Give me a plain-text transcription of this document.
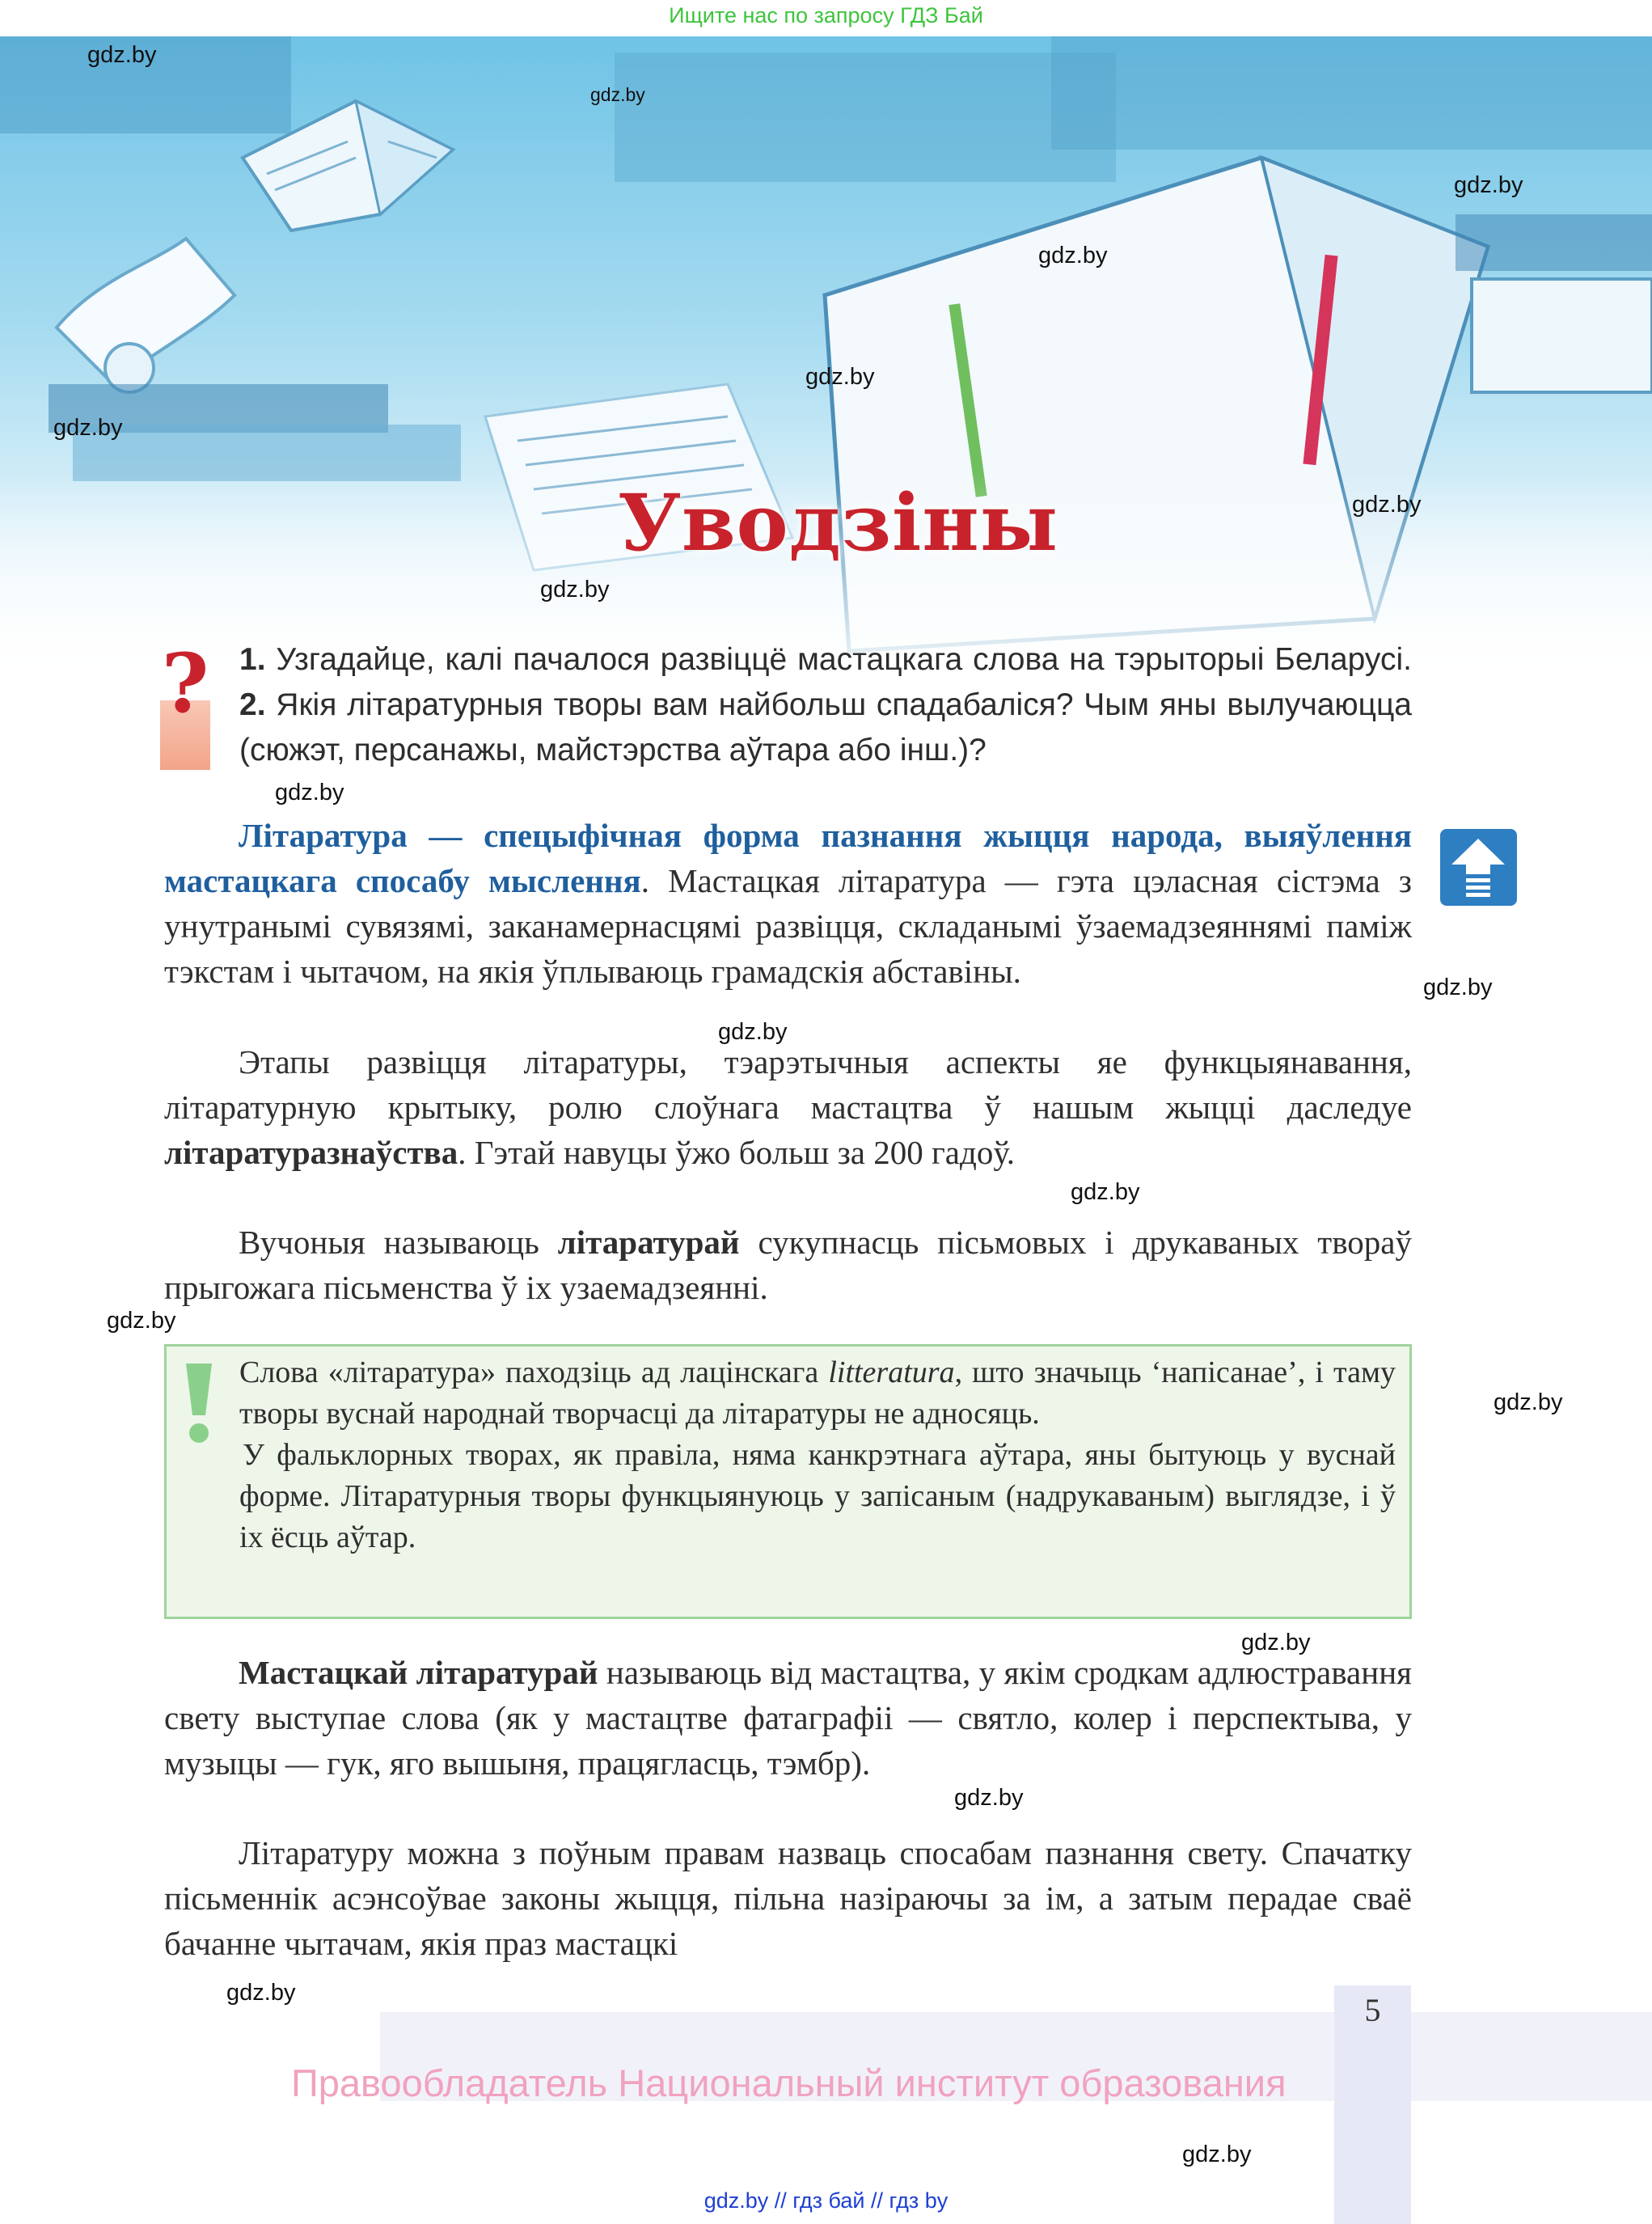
Ищите нас по запросу ГДЗ Бай
Уводзіны
gdz.by
gdz.by
gdz.by
gdz.by
gdz.by
gdz.by
gdz.by
gdz.by
gdz.by
gdz.by
gdz.by
gdz.by
gdz.by
gdz.by
gdz.by
gdz.by
gdz.by
gdz.by
? 1. Узгадайце, калі пачалося развіццё мастацкага слова на тэрыторыі Беларусі. 2. Якія літаратурныя творы вам найбольш спадабаліся? Чым яны вылучаюцца (сюжэт, персанажы, майстэрства аўтара або інш.)?
Літаратура — спецыфічная форма пазнання жыцця народа, выяўлення мастацкага спосабу мыслення. Мастацкая літаратура — гэта цэласная сістэма з унутранымі сувязямі, заканамернасцямі развіцця, складанымі ўзаемадзеяннямі паміж тэкстам і чытачом, на якія ўплываюць грамадскія абставіны.
Этапы развіцця літаратуры, тэарэтычныя аспекты яе функцыянавання, літаратурную крытыку, ролю слоўнага мастацтва ў нашым жыцці даследуе літаратуразнаўства. Гэтай навуцы ўжо больш за 200 гадоў.
Вучоныя называюць літаратурай сукупнасць пісьмовых і друкаваных твораў прыгожага пісьменства ў іх узаемадзеянні.
Слова «літаратура» паходзіць ад лацінскага litteratura, што значыць ‘напісанае’, і таму творы вуснай народнай творчасці да літаратуры не адносяць.
У фальклорных творах, як правіла, няма канкрэтнага аўтара, яны бытуюць у вуснай форме. Літаратурныя творы функцыянуюць у запісаным (надрукаваным) выглядзе, і ў іх ёсць аўтар.
Мастацкай літаратурай называюць від мастацтва, у якім сродкам адлюстравання свету выступае слова (як у мастацтве фатаграфіі — святло, колер і перспектыва, у музыцы — гук, яго вышыня, працягласць, тэмбр).
Літаратуру можна з поўным правам назваць спосабам пазнання свету. Спачатку пісьменнік асэнсоўвае законы жыцця, пільна назіраючы за ім, а затым перадае сваё бачанне чытачам, якія праз мастацкі
5
Правообладатель Национальный институт образования
gdz.by // гдз бай // гдз by
